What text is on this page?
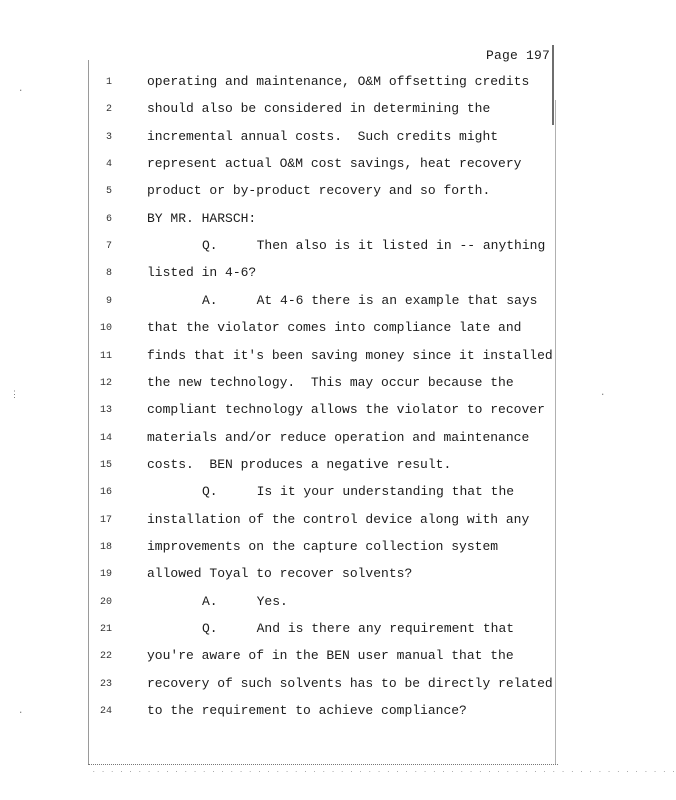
Page 197
1	operating and maintenance, O&M offsetting credits
2	should also be considered in determining the
3	incremental annual costs.  Such credits might
4	represent actual O&M cost savings, heat recovery
5	product or by-product recovery and so forth.
6	BY MR. HARSCH:
7	Q.     Then also is it listed in -- anything
8	listed in 4-6?
9	A.     At 4-6 there is an example that says
10	that the violator comes into compliance late and
11	finds that it's been saving money since it installed
12	the new technology.  This may occur because the
13	compliant technology allows the violator to recover
14	materials and/or reduce operation and maintenance
15	costs.  BEN produces a negative result.
16	Q.     Is it your understanding that the
17	installation of the control device along with any
18	improvements on the capture collection system
19	allowed Toyal to recover solvents?
20	A.     Yes.
21	Q.     And is there any requirement that
22	you're aware of in the BEN user manual that the
23	recovery of such solvents has to be directly related
24	to the requirement to achieve compliance?
. . . . . . . . . . . . . . . . . . . . . . . . . . . . . . . . . . . . . . . . . . . . . . . . . . . . . . . . . . . . . . . .
·
⋮
·
·
